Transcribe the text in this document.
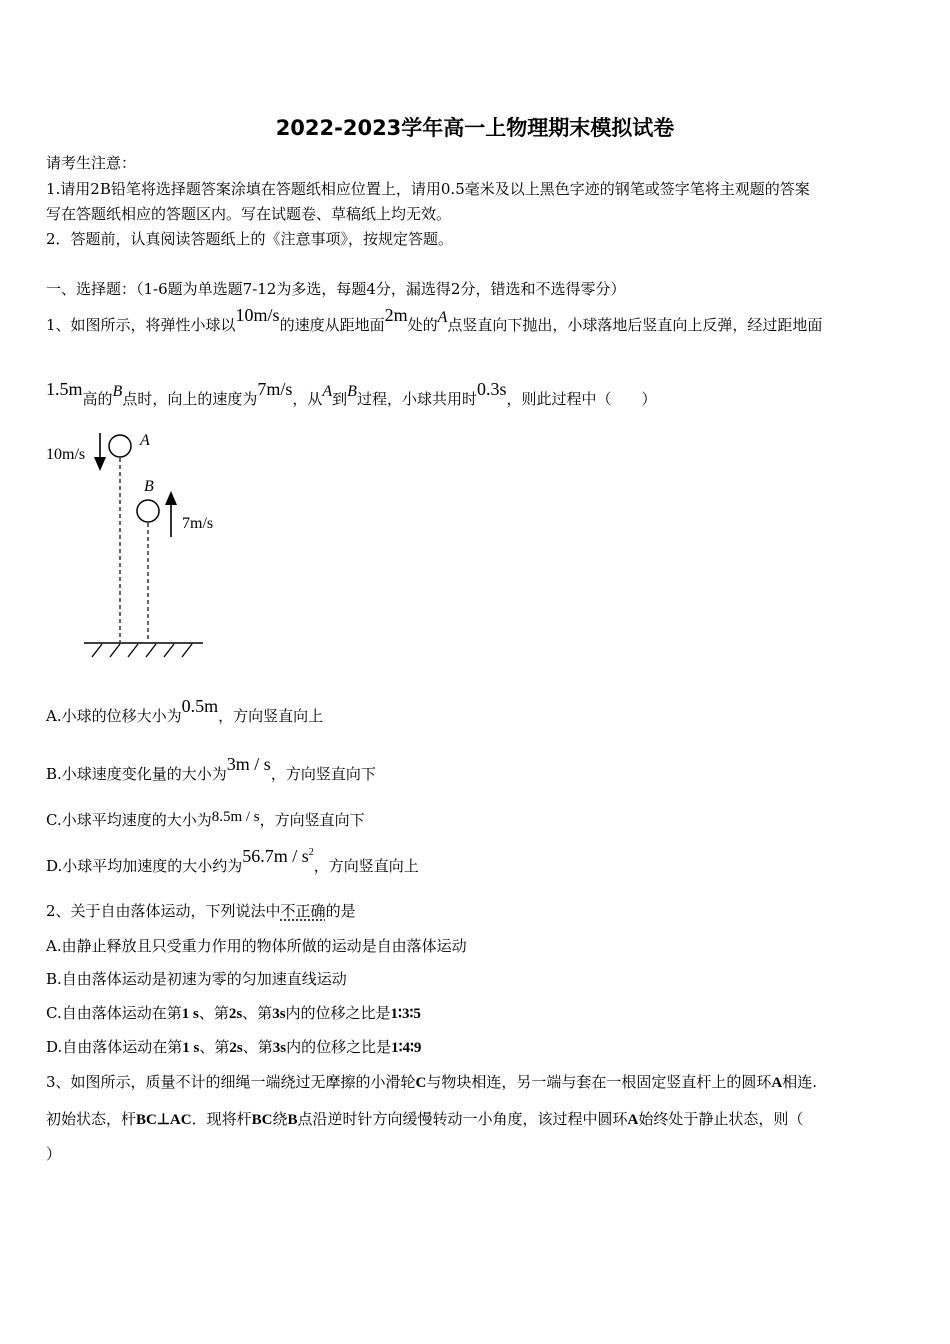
2022-2023学年高一上物理期末模拟试卷
请考生注意：
1.请用2B铅笔将选择题答案涂填在答题纸相应位置上，请用0.5毫米及以上黑色字迹的钢笔或签字笔将主观题的答案
写在答题纸相应的答题区内。写在试题卷、草稿纸上均无效。
2．答题前，认真阅读答题纸上的《注意事项》，按规定答题。
一、选择题：（1-6题为单选题7-12为多选，每题4分，漏选得2分，错选和不选得零分）
1、如图所示，将弹性小球以10m/s的速度从距地面2m处的A点竖直向下抛出，小球落地后竖直向上反弹，经过距地面
1.5m高的B点时，向上的速度为7m/s，从A到B过程，小球共用时0.3s，则此过程中（　　）
10m/s
A
B
7m/s
A.小球的位移大小为0.5m，方向竖直向上
B.小球速度变化量的大小为3m / s，方向竖直向下
C.小球平均速度的大小为8.5m / s，方向竖直向下
D.小球平均加速度的大小约为$56.7m / s^2$，方向竖直向上
2、关于自由落体运动，下列说法中不正确的是
A.由静止释放且只受重力作用的物体所做的运动是自由落体运动
B.自由落体运动是初速为零的匀加速直线运动
C.自由落体运动在第1 s、第2s、第3s内的位移之比是1∶3∶5
D.自由落体运动在第1 s、第2s、第3s内的位移之比是1∶4∶9
3、如图所示，质量不计的细绳一端绕过无摩擦的小滑轮C与物块相连，另一端与套在一根固定竖直杆上的圆环A相连.
初始状态，杆BC⊥AC．现将杆BC绕B点沿逆时针方向缓慢转动一小角度，该过程中圆环A始终处于静止状态，则（
）
